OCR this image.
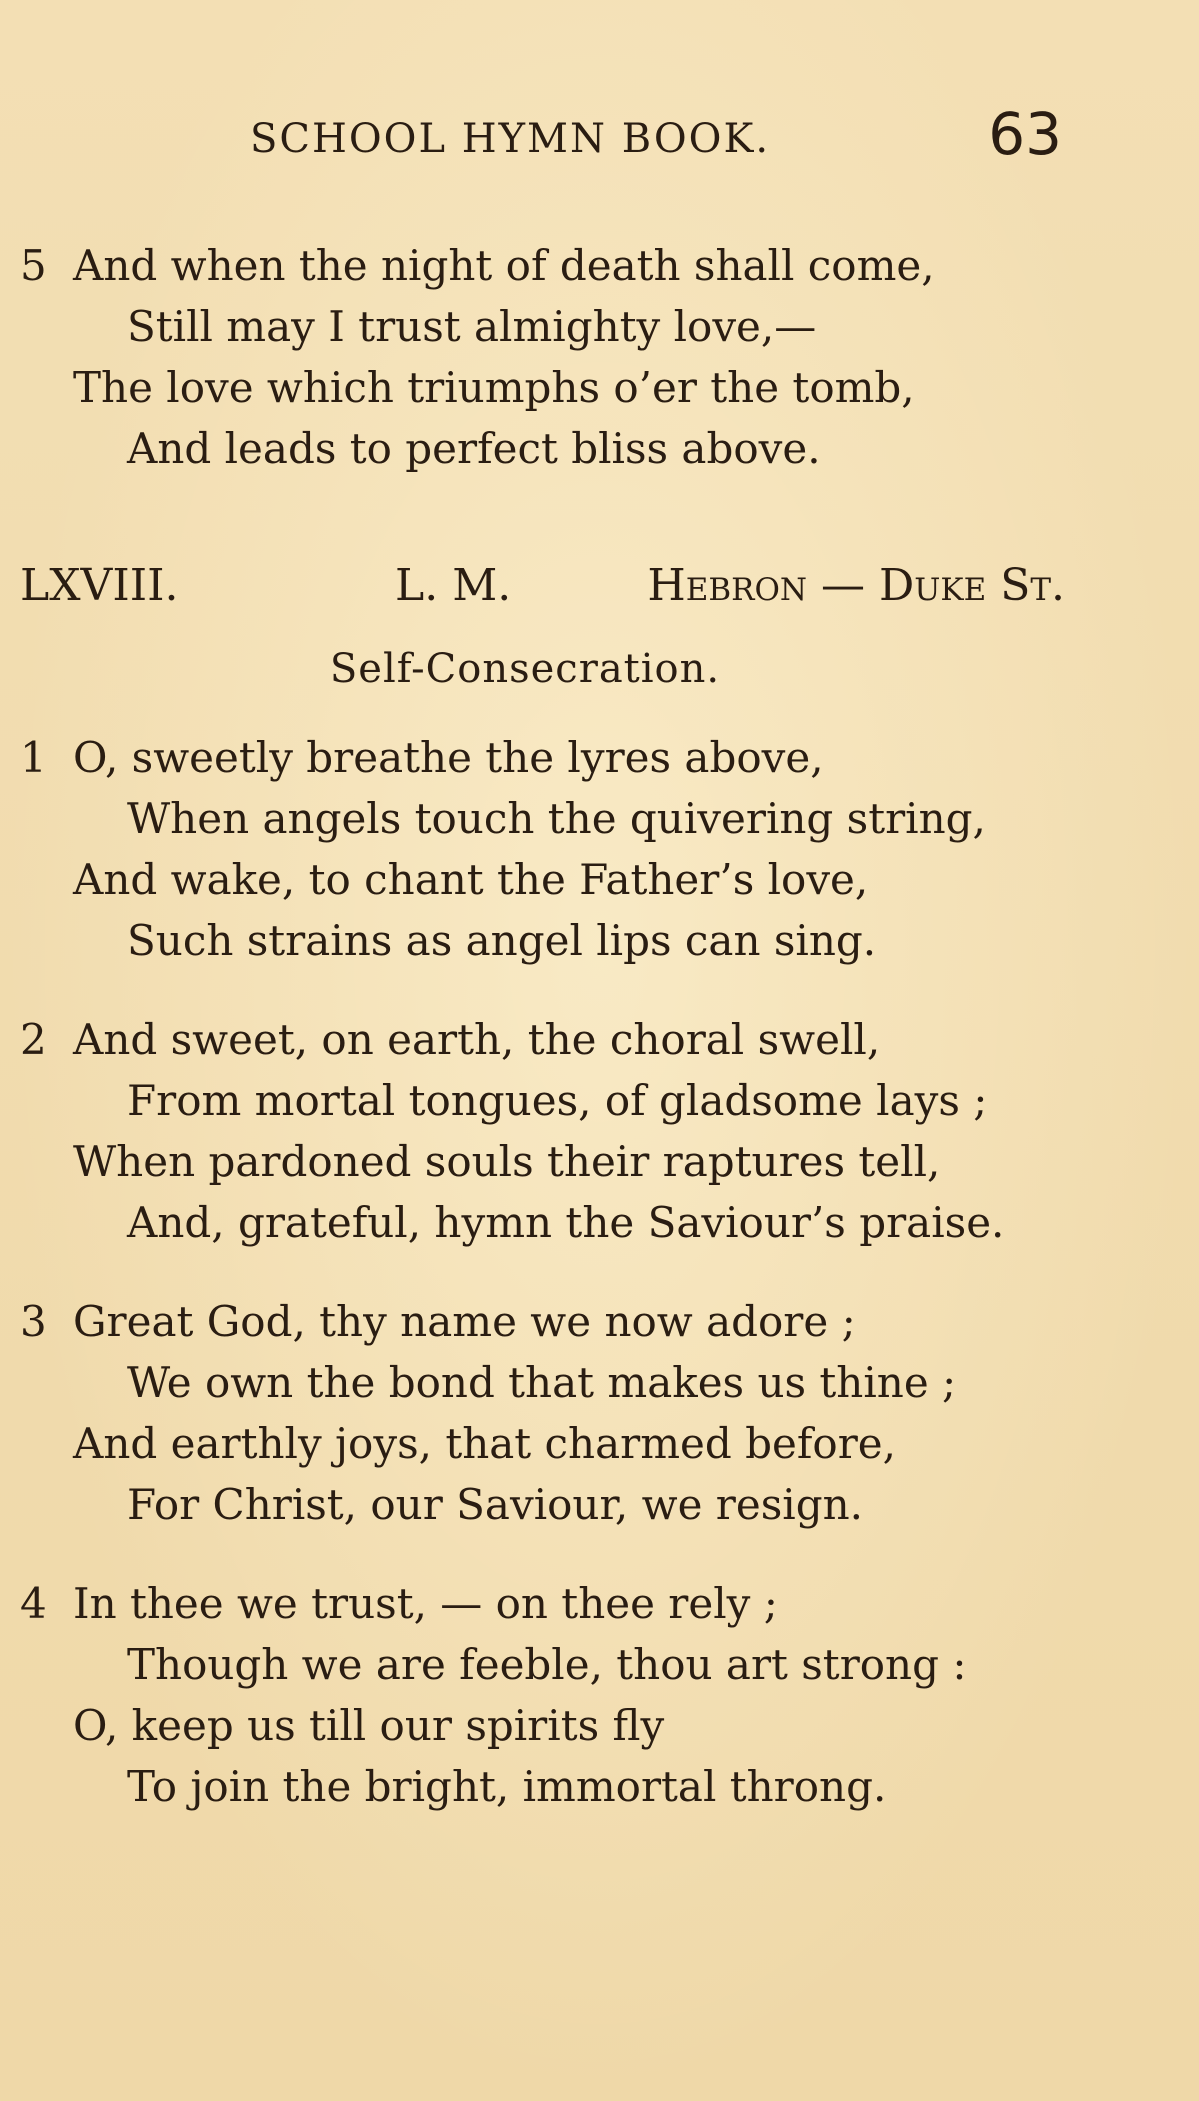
SCHOOL HYMN BOOK.	63
5 And when the night of death shall come,
Still may I trust almighty love,—
The love which triumphs o’er the tomb,
And leads to perfect bliss above.
LXVIII.	L. M.	Hebron — Duke St.
Self-Consecration.
1 O, sweetly breathe the lyres above,
When angels touch the quivering string,
And wake, to chant the Father’s love,
Such strains as angel lips can sing.
2 And sweet, on earth, the choral swell,
From mortal tongues, of gladsome lays ;
When pardoned souls their raptures tell,
And, grateful, hymn the Saviour’s praise.
3 Great God, thy name we now adore ;
We own the bond that makes us thine ;
And earthly joys, that charmed before,
For Christ, our Saviour, we resign.
4 In thee we trust, — on thee rely ;
Though we are feeble, thou art strong :
O, keep us till our spirits fly
To join the bright, immortal throng.
